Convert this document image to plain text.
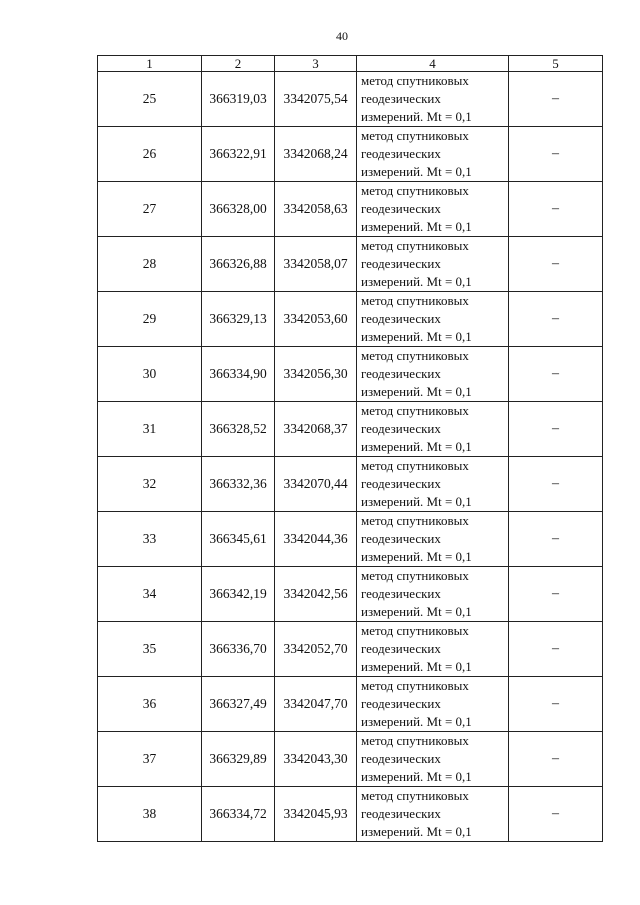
40
1	2	3	4	5
25	366319,03	3342075,54	метод спутниковых
геодезических
измерений. Mt = 0,1	–
26	366322,91	3342068,24	метод спутниковых
геодезических
измерений. Mt = 0,1	–
27	366328,00	3342058,63	метод спутниковых
геодезических
измерений. Mt = 0,1	–
28	366326,88	3342058,07	метод спутниковых
геодезических
измерений. Mt = 0,1	–
29	366329,13	3342053,60	метод спутниковых
геодезических
измерений. Mt = 0,1	–
30	366334,90	3342056,30	метод спутниковых
геодезических
измерений. Mt = 0,1	–
31	366328,52	3342068,37	метод спутниковых
геодезических
измерений. Mt = 0,1	–
32	366332,36	3342070,44	метод спутниковых
геодезических
измерений. Mt = 0,1	–
33	366345,61	3342044,36	метод спутниковых
геодезических
измерений. Mt = 0,1	–
34	366342,19	3342042,56	метод спутниковых
геодезических
измерений. Mt = 0,1	–
35	366336,70	3342052,70	метод спутниковых
геодезических
измерений. Mt = 0,1	–
36	366327,49	3342047,70	метод спутниковых
геодезических
измерений. Mt = 0,1	–
37	366329,89	3342043,30	метод спутниковых
геодезических
измерений. Mt = 0,1	–
38	366334,72	3342045,93	метод спутниковых
геодезических
измерений. Mt = 0,1	–
